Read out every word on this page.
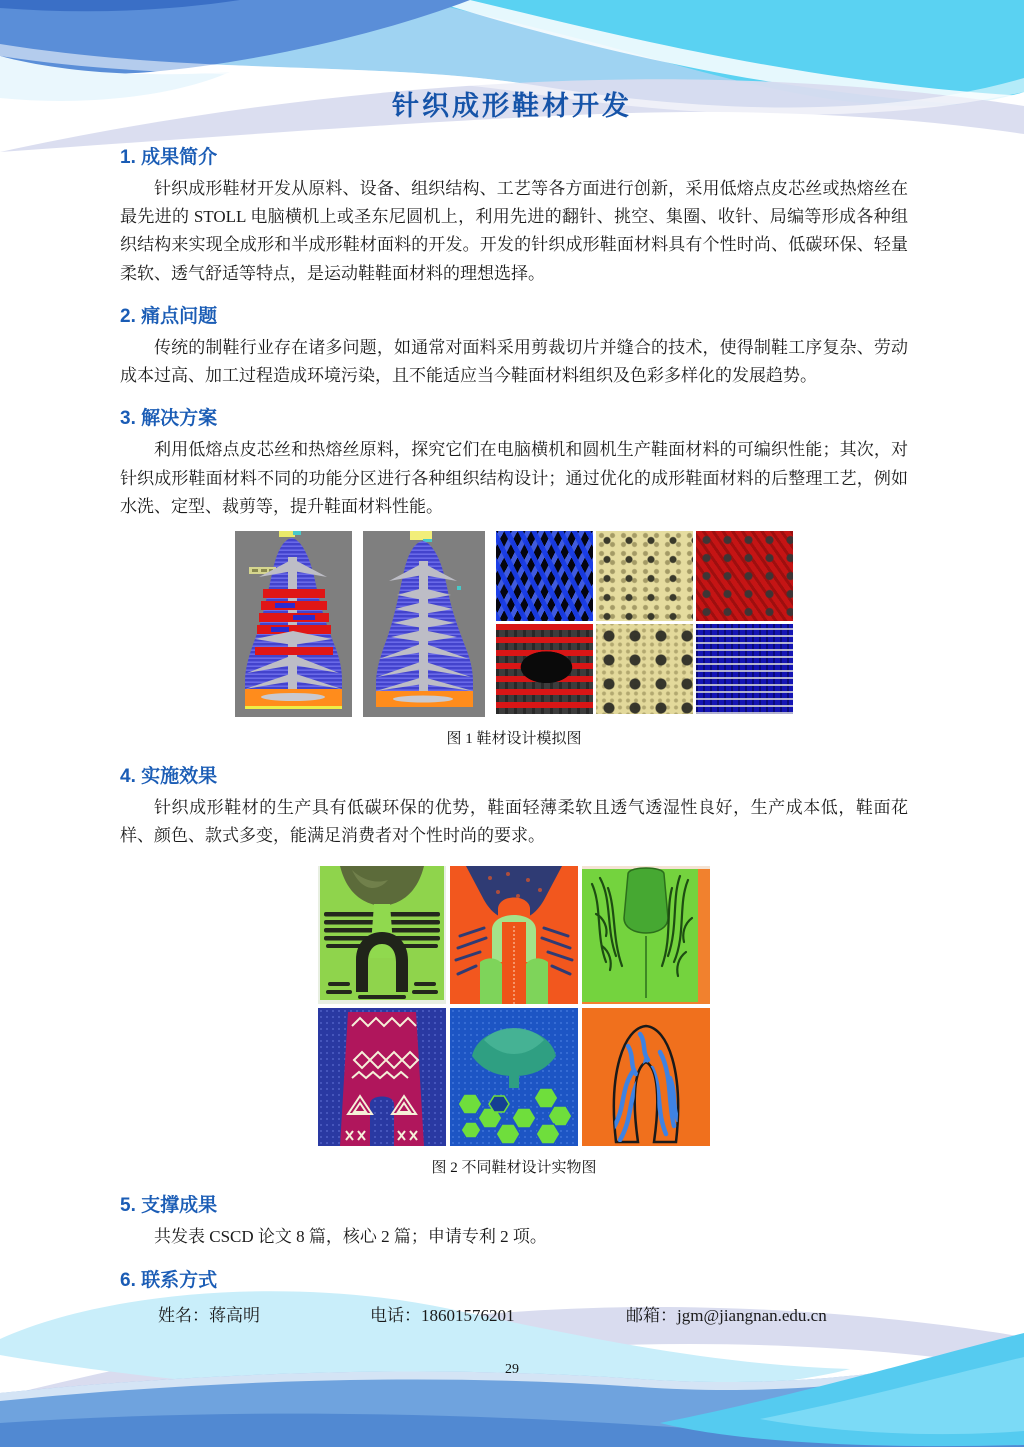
针织成形鞋材开发
1. 成果简介

针织成形鞋材开发从原料、设备、组织结构、工艺等各方面进行创新，采用低熔点皮芯丝或热熔丝在最先进的 STOLL 电脑横机上或圣东尼圆机上，利用先进的翻针、挑空、集圈、收针、局编等形成各种组织结构来实现全成形和半成形鞋材面料的开发。开发的针织成形鞋面材料具有个性时尚、低碳环保、轻量柔软、透气舒适等特点，是运动鞋鞋面材料的理想选择。

2. 痛点问题

传统的制鞋行业存在诸多问题，如通常对面料采用剪裁切片并缝合的技术，使得制鞋工序复杂、劳动成本过高、加工过程造成环境污染，且不能适应当今鞋面材料组织及色彩多样化的发展趋势。

3. 解决方案

利用低熔点皮芯丝和热熔丝原料，探究它们在电脑横机和圆机生产鞋面材料的可编织性能；其次，对针织成形鞋面材料不同的功能分区进行各种组织结构设计；通过优化的成形鞋面材料的后整理工艺，例如水洗、定型、裁剪等，提升鞋面材料性能。

图 1 鞋材设计模拟图
4. 实施效果

针织成形鞋材的生产具有低碳环保的优势，鞋面轻薄柔软且透气透湿性良好，生产成本低，鞋面花样、颜色、款式多变，能满足消费者对个性时尚的要求。

图 2 不同鞋材设计实物图
5. 支撑成果

共发表 CSCD 论文 8 篇，核心 2 篇；申请专利 2 项。

6. 联系方式
姓名：蒋高明	电话：18601576201	邮箱：jgm@jiangnan.edu.cn
29
